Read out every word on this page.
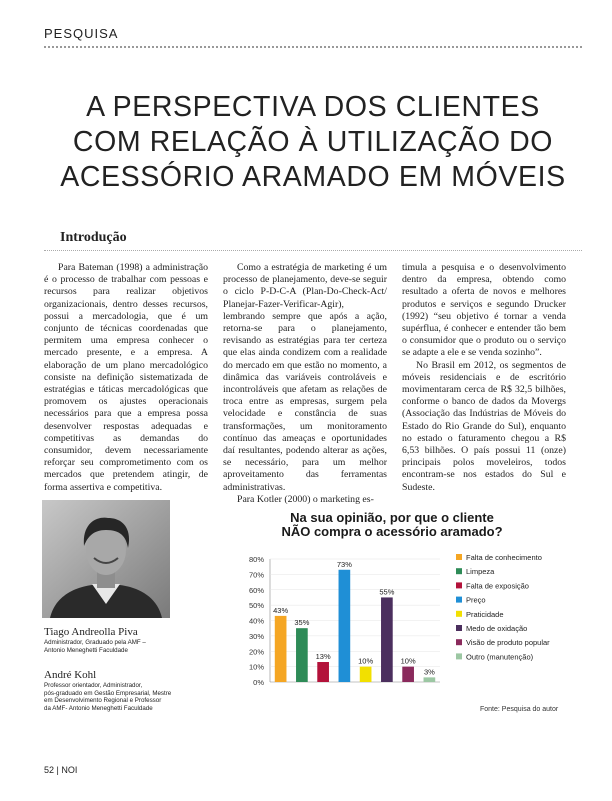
PESQUISA
A PERSPECTIVA DOS CLIENTES
COM RELAÇÃO À UTILIZAÇÃO DO
ACESSÓRIO ARAMADO EM MÓVEIS
Introdução

Para Bateman (1998) a administração é o processo de trabalhar com pessoas e recursos para realizar objetivos organizacionais, dentro desses recursos, possui a mercadologia, que é um conjunto de técnicas coordenadas que permitem uma empresa conhecer o mercado presente, e a empresa. A elaboração de um plano mercadológico consiste na definição sistematizada de estratégias e táticas mercadológicas que promovem os ajustes operacionais necessários para que a empresa possa desenvolver respostas adequadas e competitivas as demandas do consumidor, devem necessariamente reforçar seu comprometimento com os mercados que pretendem atingir, de forma assertiva e competitiva.

Como a estratégia de marketing é um processo de planejamento, deve-se seguir o ciclo P-D-C-A (Plan-Do-Check-Act/ Planejar-Fazer-Verificar-Agir), lembrando sempre que após a ação, retorna-se para o planejamento, revisando as estratégias para ter certeza que elas ainda condizem com a realidade do mercado em que estão no momento, a dinâmica das variáveis controláveis e incontroláveis que afetam as relações de troca entre as empresas, surgem pela velocidade e constância de suas transformações, um monitoramento contínuo das ameaças e oportunidades daí resultantes, podendo alterar as ações, se necessário, para um melhor aproveitamento das ferramentas administrativas.

Para Kotler (2000) o marketing es-

timula a pesquisa e o desenvolvimento dentro da empresa, obtendo como resultado a oferta de novos e melhores produtos e serviços e segundo Drucker (1992) “seu objetivo é tornar a venda supérflua, é conhecer e entender tão bem o consumidor que o produto ou o serviço se adapte a ele e se venda sozinho”.

No Brasil em 2012, os segmentos de móveis residenciais e de escritório movimentaram cerca de R$ 32,5 bilhões, conforme o banco de dados da Movergs (Associação das Indústrias de Móveis do Estado do Rio Grande do Sul), enquanto no estado o faturamento chegou a R$ 6,53 bilhões. O país possui 11 (onze) principais polos moveleiros, todos encontram-se nos estados do Sul e Sudeste.

Tiago Andreolla Piva
Administrador, Graduado pela AMF –
Antonio Meneghetti Faculdade
André Kohl
Professor orientador, Administrador,
pós-graduado em Gestão Empresarial, Mestre
em Desenvolvimento Regional e Professor
da AMF- Antonio Meneghetti Faculdade
Na sua opinião, por que o cliente
NÃO compra o acessório aramado?
0%
10%
20%
30%
40%
50%
60%
70%
80%
43%
35%
13%
73%
10%
55%
10%
3%
Falta de conhecimento
Limpeza
Falta de exposição
Preço
Praticidade
Medo de oxidação
Visão de produto popular
Outro (manutenção)
Fonte: Pesquisa do autor
52 | NOI
